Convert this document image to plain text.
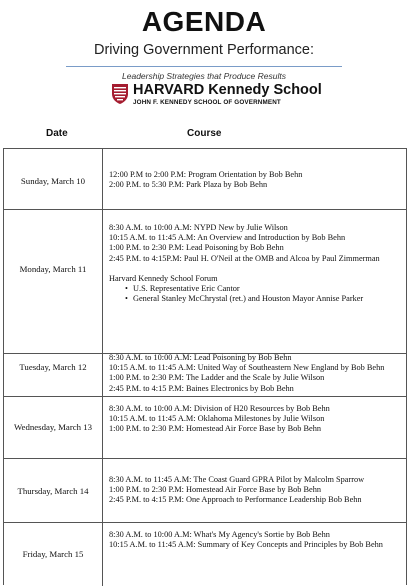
AGENDA
Driving Government Performance:
Leadership Strategies that Produce Results
HARVARD Kennedy School
JOHN F. KENNEDY SCHOOL OF GOVERNMENT
Date	Course
Sunday, March 10
12:00 P.M to 2:00 P.M: Program Orientation by Bob Behn
2:00 P.M. to 5:30 P.M: Park Plaza by Bob Behn
Monday, March 11
8:30 A.M. to 10:00 A.M: NYPD New by Julie Wilson
10:15 A.M. to 11:45 A.M: An Overview and Introduction by Bob Behn
1:00 P.M. to 2:30 P.M: Lead Poisoning by Bob Behn
2:45 P.M. to 4:15P.M: Paul H. O'Neil at the OMB and Alcoa by Paul Zimmerman
Harvard Kennedy School Forum
• U.S. Representative Eric Cantor
• General Stanley McChrystal (ret.) and Houston Mayor Annise Parker
Tuesday, March 12
8:30 A.M. to 10:00 A.M: Lead Poisoning by Bob Behn
10:15 A.M. to 11:45 A.M: United Way of Southeastern New England by Bob Behn
1:00 P.M. to 2:30 P.M: The Ladder and the Scale by Julie Wilson
2:45 P.M. to 4:15 P.M: Baines Electronics by Bob Behn
Wednesday, March 13
8:30 A.M. to 10:00 A.M: Division of H20 Resources by Bob Behn
10:15 A.M. to 11:45 A.M: Oklahoma Milestones by Julie Wilson
1:00 P.M. to 2:30 P.M: Homestead Air Force Base by Bob Behn
Thursday, March 14
8:30 A.M. to 11:45 A.M: The Coast Guard GPRA Pilot by Malcolm Sparrow
1:00 P.M. to 2:30 P.M: Homestead Air Force Base by Bob Behn
2:45 P.M. to 4:15 P.M: One Approach to Performance Leadership Bob Behn
Friday, March 15
8:30 A.M. to 10:00 A.M: What's My Agency's Sortie by Bob Behn
10:15 A.M. to 11:45 A.M: Summary of Key Concepts and Principles by Bob Behn
